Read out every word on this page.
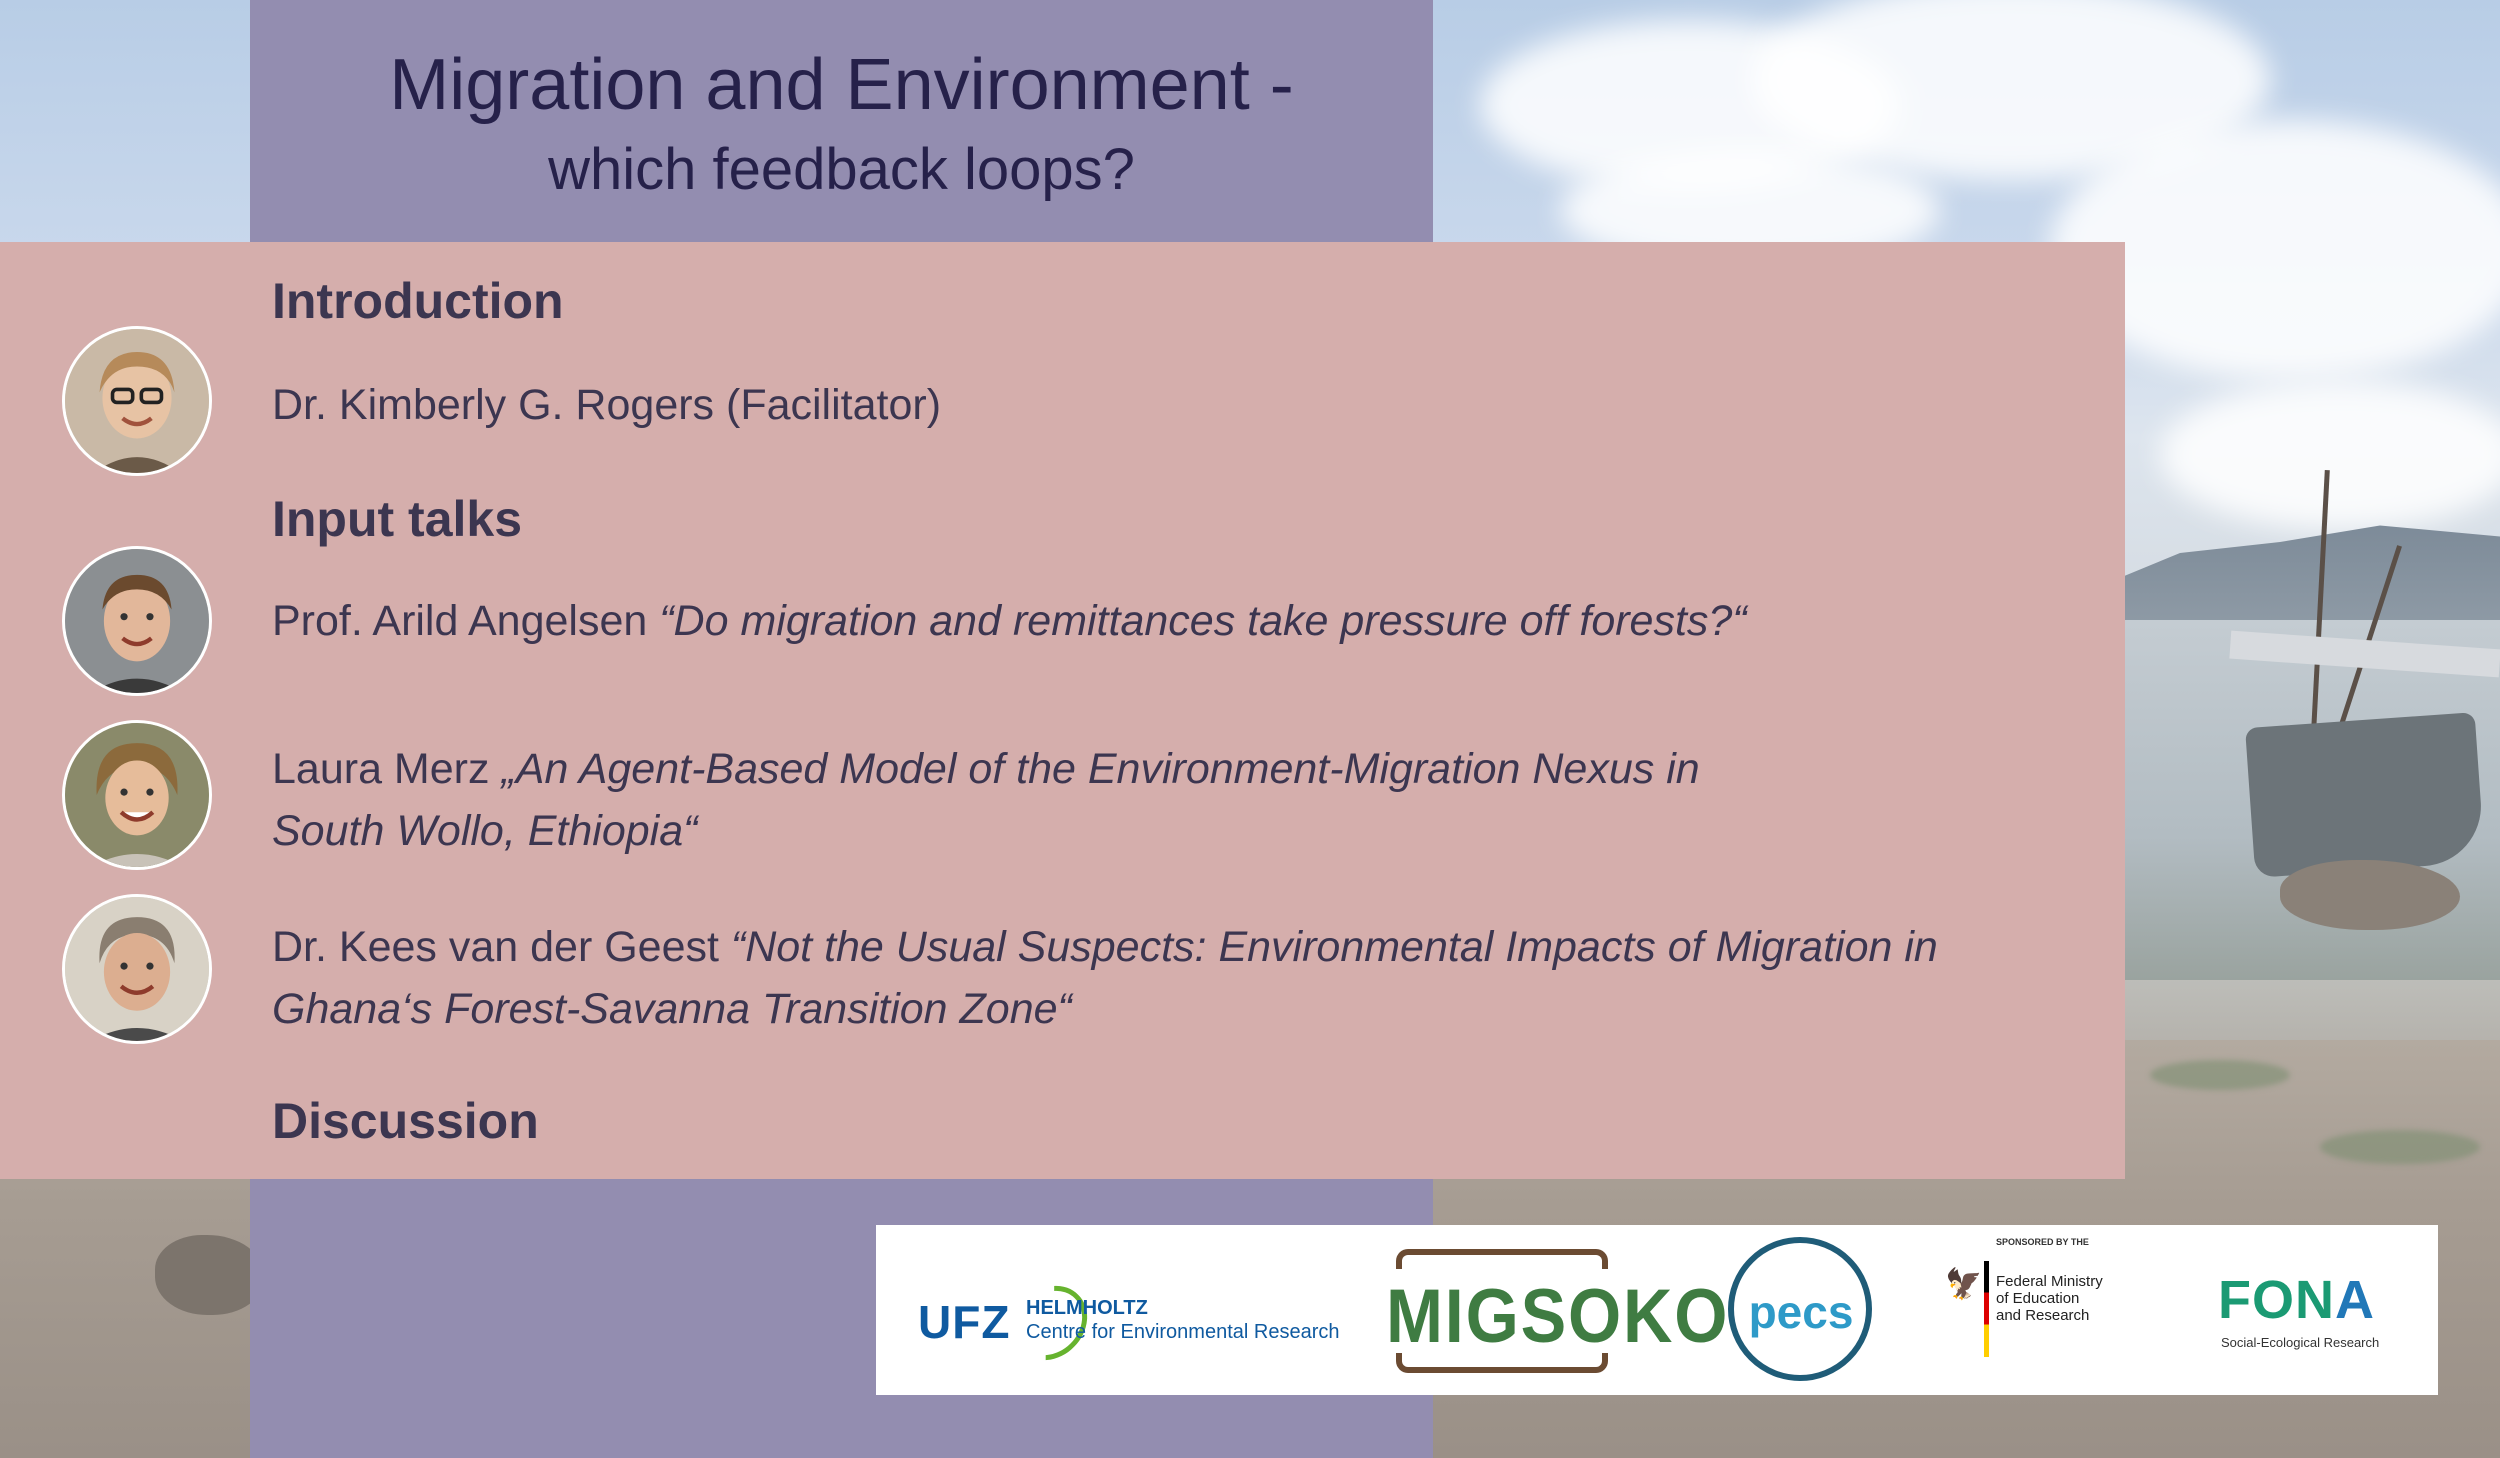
Migration and Environment -
which feedback loops?
Introduction
Input talks
Discussion
Dr. Kimberly G. Rogers (Facilitator)
Prof. Arild Angelsen “Do migration and remittances take pressure off forests?“
Laura Merz „An Agent-Based Model of the Environment-Migration Nexus in
South Wollo, Ethiopia“
Dr. Kees van der Geest “Not the Usual Suspects: Environmental Impacts of Migration in
Ghana‘s Forest-Savanna Transition Zone“
UFZ HELMHOLTZ
Centre for Environmental Research MIGSOKO pecs
SPONSORED BY THE
🦅 Federal Ministry
of Education
and Research FONA
Social-Ecological Research
